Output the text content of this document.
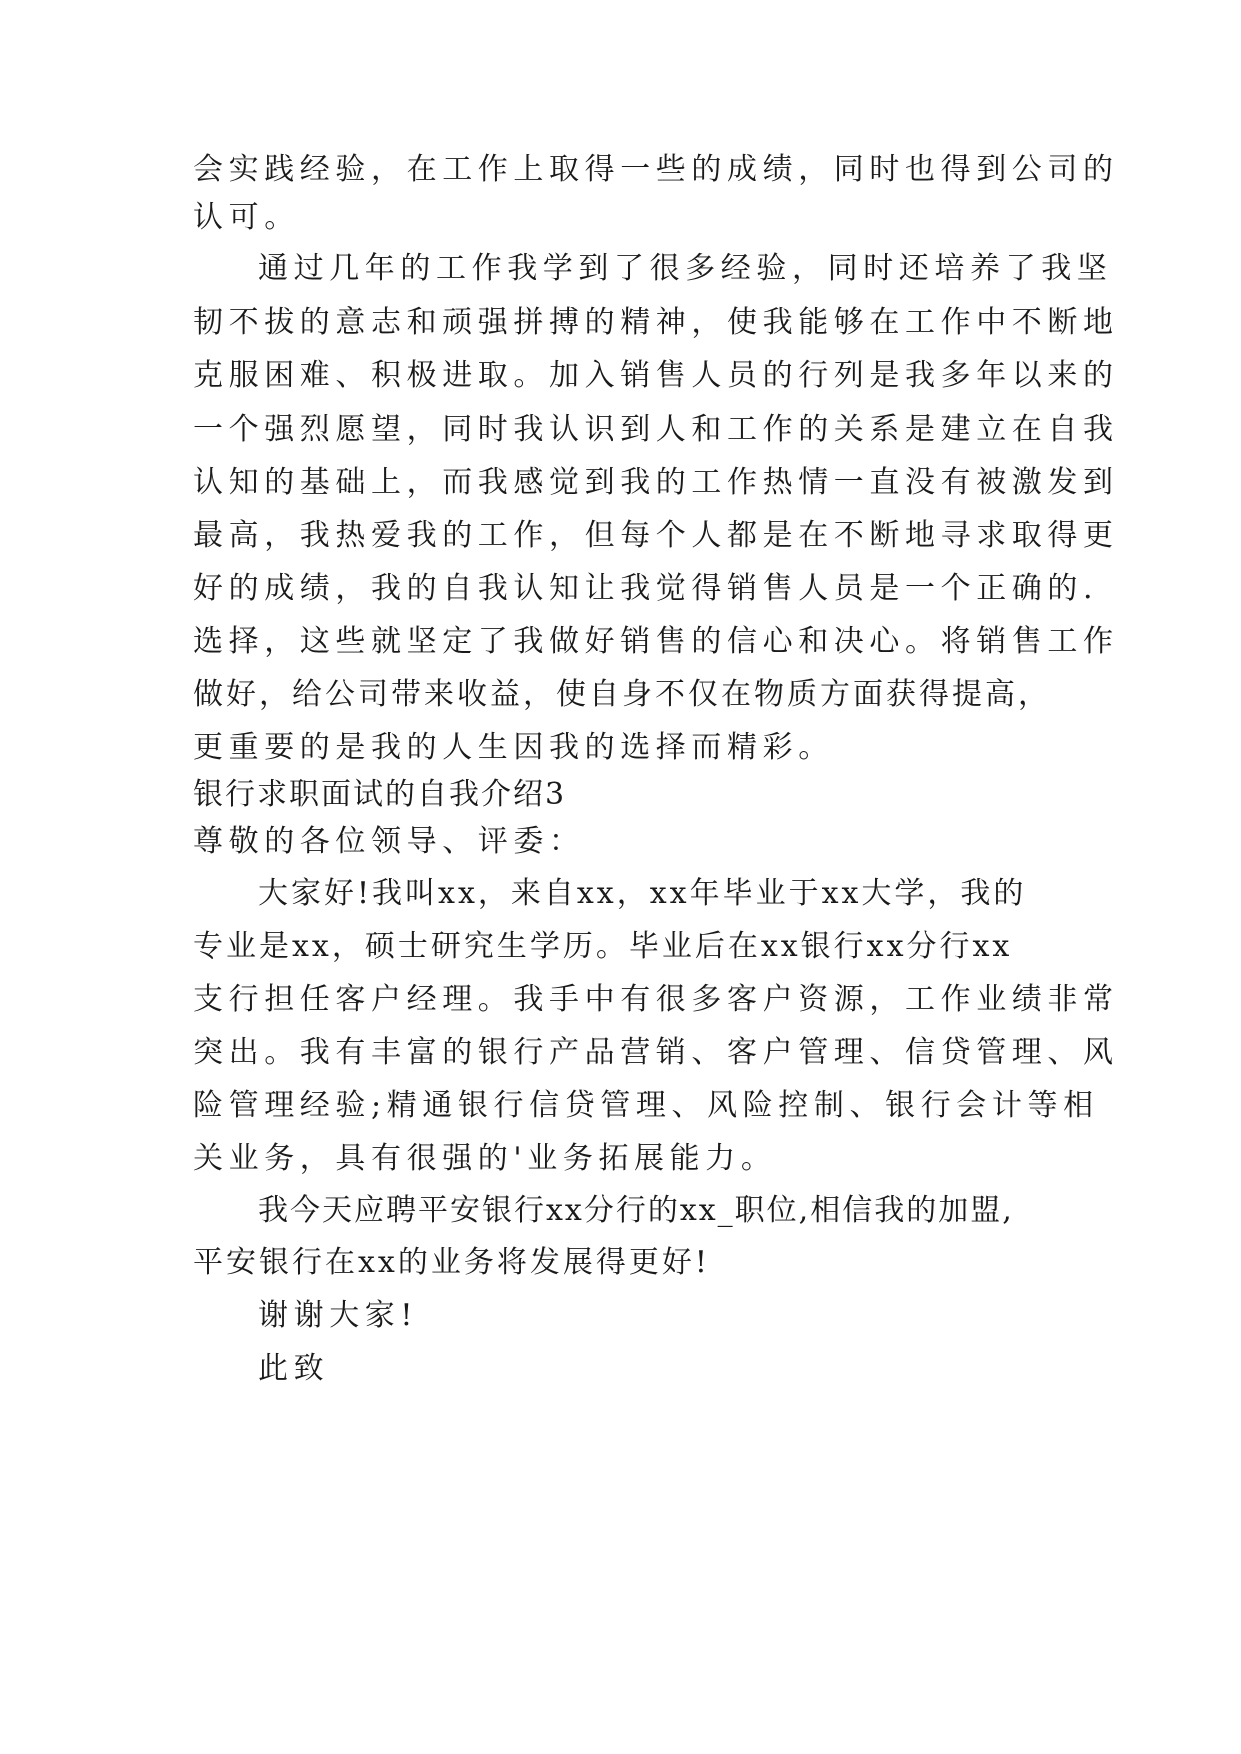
会实践经验，在工作上取得一些的成绩，同时也得到公司的
认可。
通过几年的工作我学到了很多经验，同时还培养了我坚
韧不拔的意志和顽强拼搏的精神，使我能够在工作中不断地
克服困难、积极进取。加入销售人员的行列是我多年以来的
一个强烈愿望，同时我认识到人和工作的关系是建立在自我
认知的基础上，而我感觉到我的工作热情一直没有被激发到
最高，我热爱我的工作，但每个人都是在不断地寻求取得更
好的成绩，我的自我认知让我觉得销售人员是一个正确的.
选择，这些就坚定了我做好销售的信心和决心。将销售工作
做好，给公司带来收益，使自身不仅在物质方面获得提高，
更重要的是我的人生因我的选择而精彩。
银行求职面试的自我介绍3
尊敬的各位领导、评委：
大家好!我叫xx，来自xx，xx年毕业于xx大学，我的
专业是xx，硕士研究生学历。毕业后在xx银行xx分行xx
支行担任客户经理。我手中有很多客户资源，工作业绩非常
突出。我有丰富的银行产品营销、客户管理、信贷管理、风
险管理经验;精通银行信贷管理、风险控制、银行会计等相
关业务，具有很强的'业务拓展能力。
我今天应聘平安银行xx分行的xx_职位,相信我的加盟,
平安银行在xx的业务将发展得更好!
谢谢大家!
此致
